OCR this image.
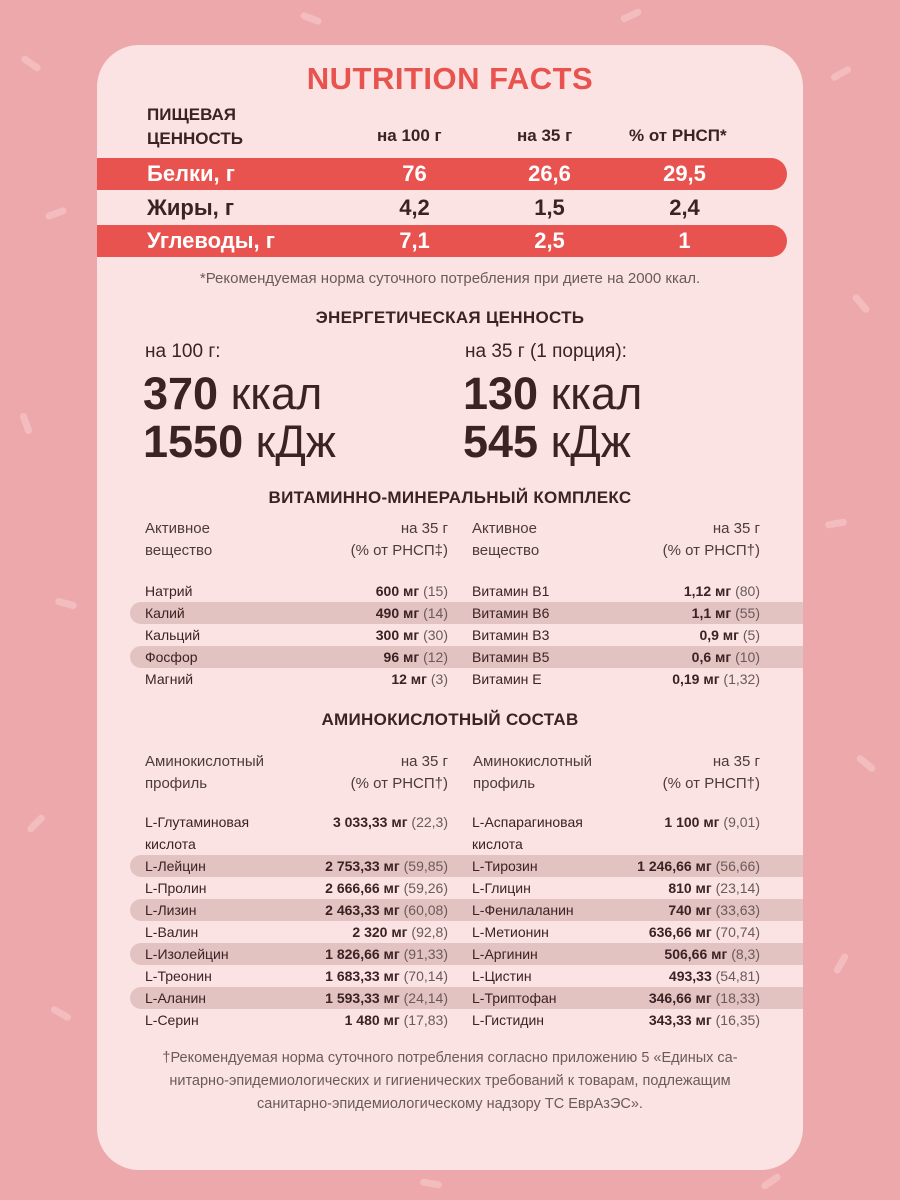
NUTRITION FACTS
ПИЩЕВАЯ
ЦЕННОСТЬ	на 100 г	на 35 г	% от РНСП*
Белки, г	76	26,6	29,5
Жиры, г	4,2	1,5	2,4
Углеводы, г	7,1	2,5	1
*Рекомендуемая норма суточного потребления при диете на 2000 ккал.
ЭНЕРГЕТИЧЕСКАЯ ЦЕННОСТЬ
на 100 г:
370 ккал
1550 кДж
на 35 г (1 порция):
130 ккал
545 кДж
ВИТАМИННО-МИНЕРАЛЬНЫЙ КОМПЛЕКС
Активное
вещество
на 35 г
(% от РНСП‡)
Активное
вещество
на 35 г
(% от РНСП†)
Натрий	600 мг (15)
Калий	490 мг (14)
Кальций	300 мг (30)
Фосфор	96 мг (12)
Магний	12 мг (3)
Витамин В1	1,12 мг (80)
Витамин В6	1,1 мг (55)
Витамин В3	0,9 мг (5)
Витамин В5	0,6 мг (10)
Витамин Е	0,19 мг (1,32)
АМИНОКИСЛОТНЫЙ СОСТАВ
Аминокислотный
профиль
на 35 г
(% от РНСП†)
Аминокислотный
профиль
на 35 г
(% от РНСП†)
L-Глутаминовая	3 033,33 мг (22,3)
кислота
L-Лейцин	2 753,33 мг (59,85)
L-Пролин	2 666,66 мг (59,26)
L-Лизин	2 463,33 мг (60,08)
L-Валин	2 320 мг (92,8)
L-Изолейцин	1 826,66 мг (91,33)
L-Треонин	1 683,33 мг (70,14)
L-Аланин	1 593,33 мг (24,14)
L-Серин	1 480 мг (17,83)
L-Аспарагиновая	1 100 мг (9,01)
кислота
L-Тирозин	1 246,66 мг (56,66)
L-Глицин	810 мг (23,14)
L-Фенилаланин	740 мг (33,63)
L-Метионин	636,66 мг (70,74)
L-Аргинин	506,66 мг (8,3)
L-Цистин	493,33 (54,81)
L-Триптофан	346,66 мг (18,33)
L-Гистидин	343,33 мг (16,35)
†Рекомендуемая норма суточного потребления согласно приложению 5 «Единых са-
нитарно-эпидемиологических и гигиенических требований к товарам, подлежащим
санитарно-эпидемиологическому надзору ТС ЕврАзЭС».
